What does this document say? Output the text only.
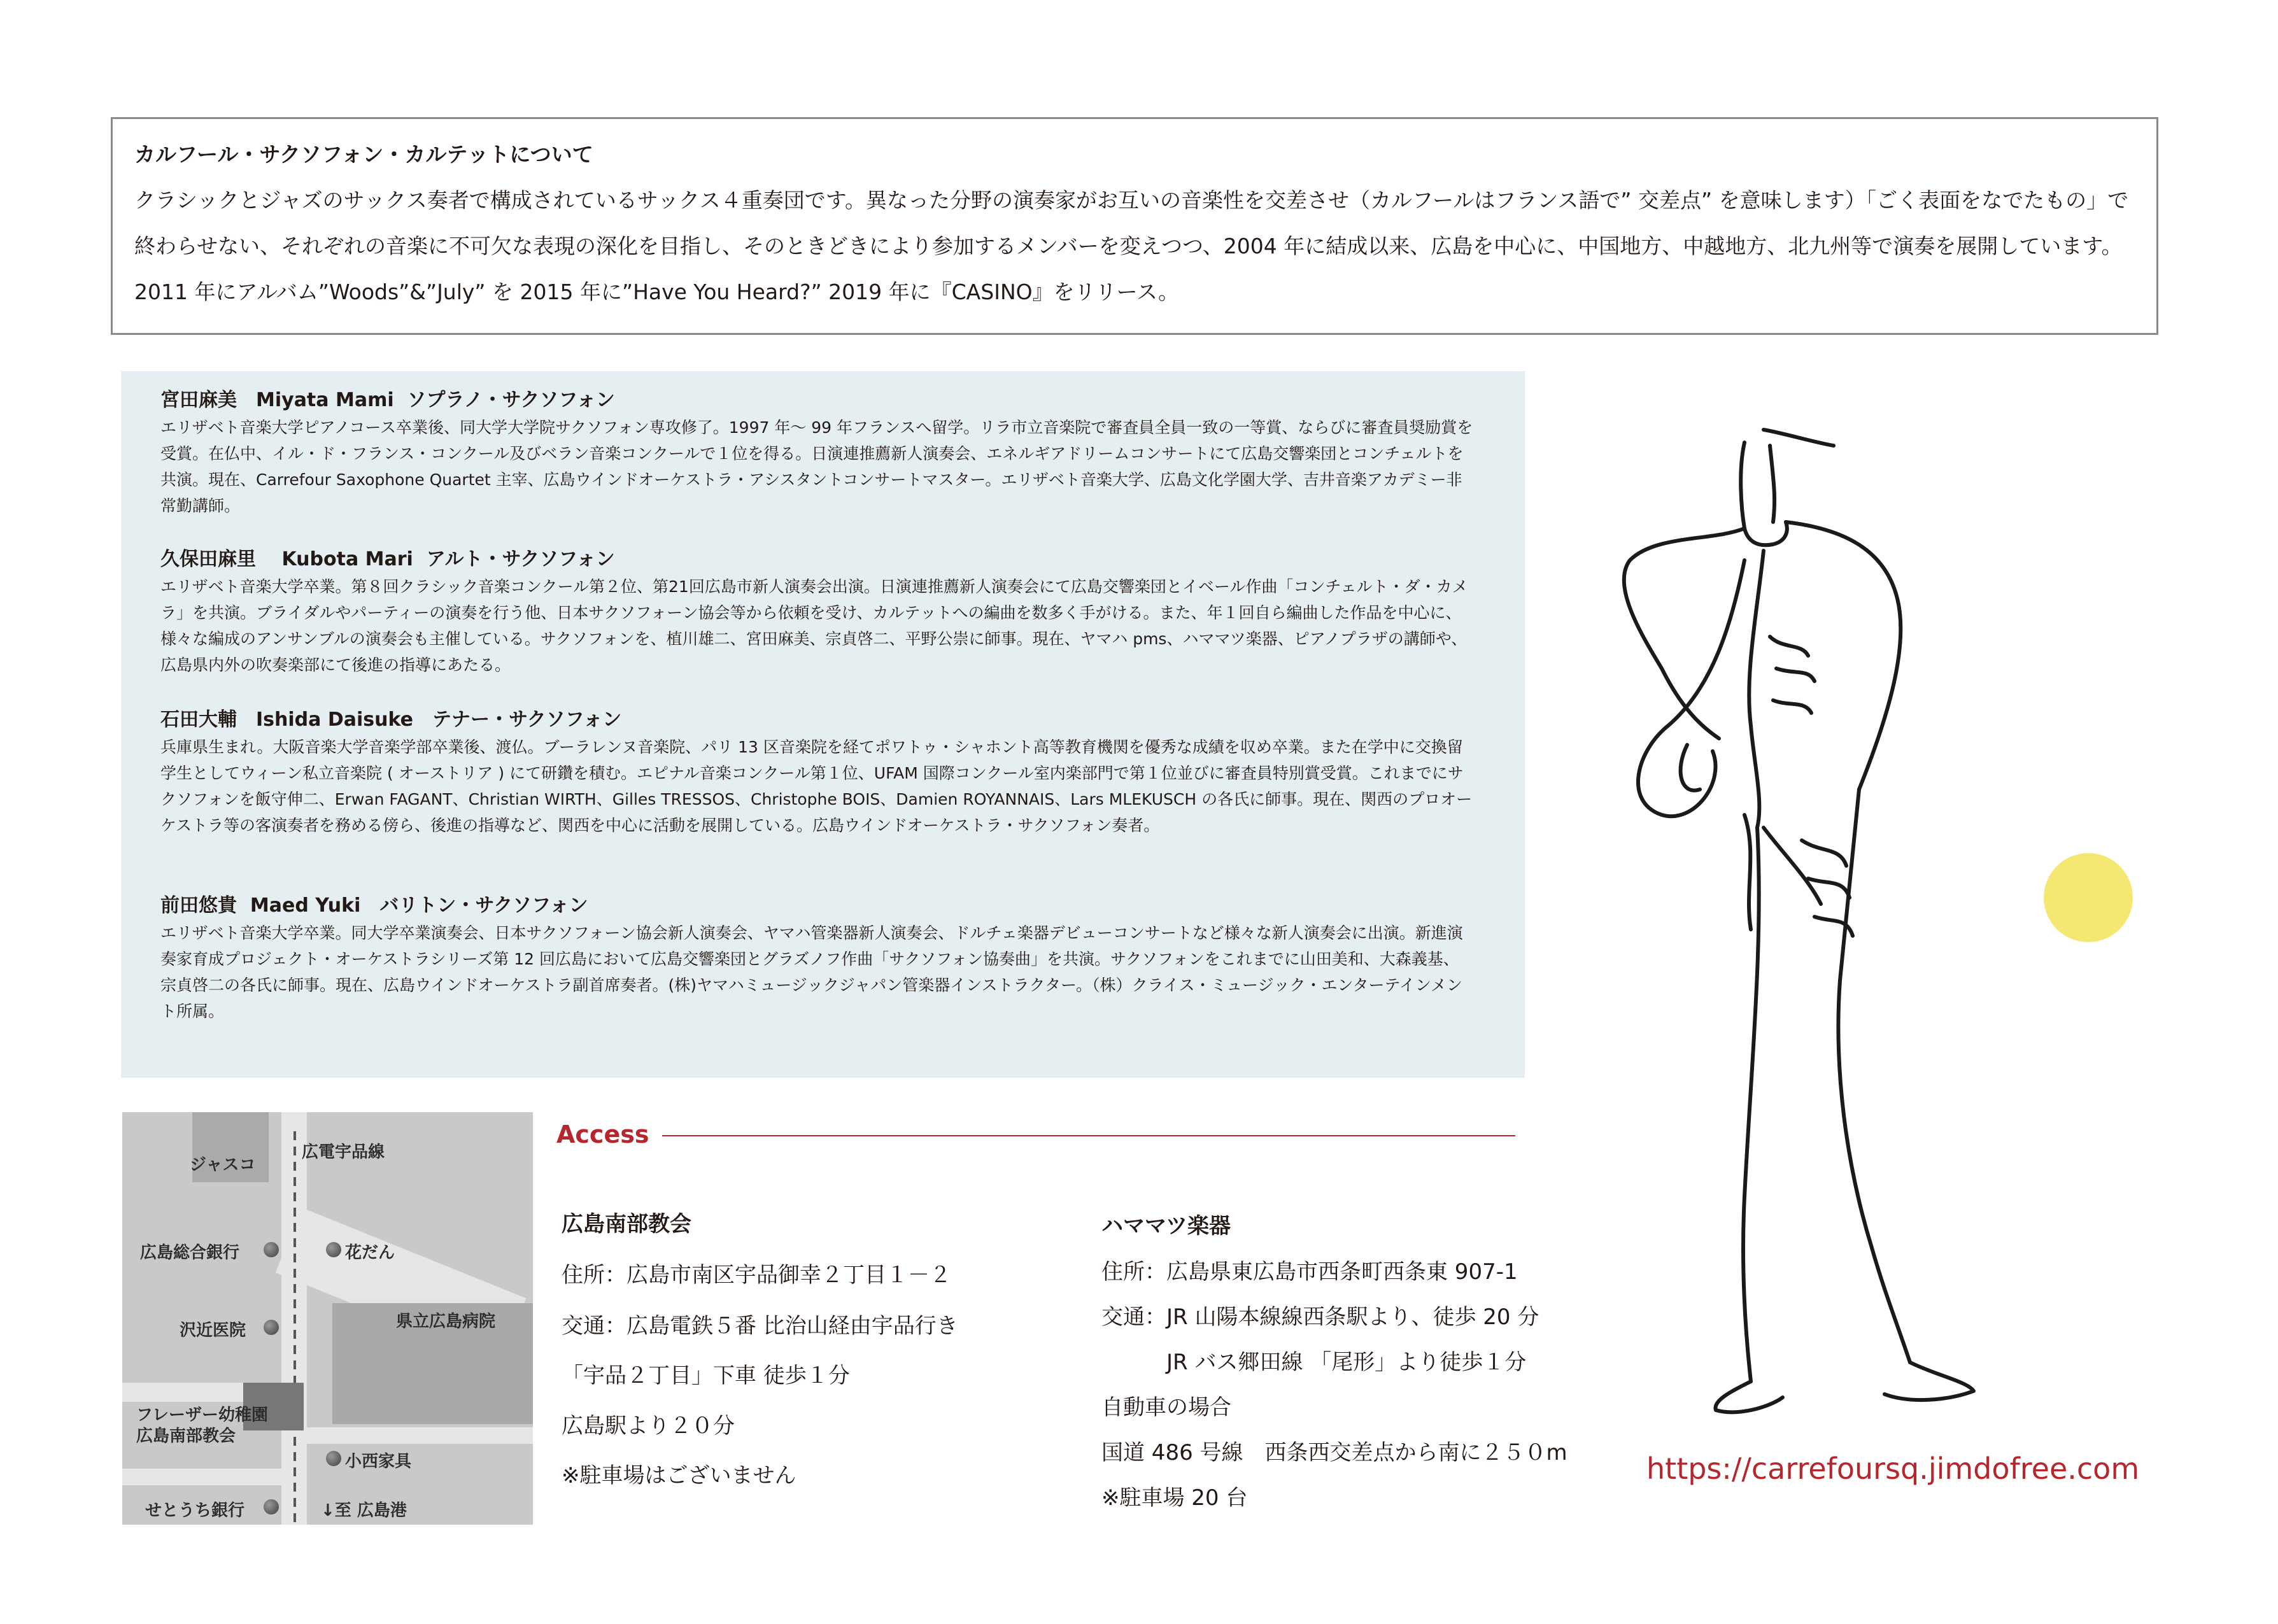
カルフール・サクソフォン・カルテットについて
クラシックとジャズのサックス奏者で構成されているサックス４重奏団です。異なった分野の演奏家がお互いの音楽性を交差させ（カルフールはフランス語で” 交差点” を意味します）「ごく表面をなでたもの」で終わらせない、それぞれの音楽に不可欠な表現の深化を目指し、そのときどきにより参加するメンバーを変えつつ、2004 年に結成以来、広島を中心に、中国地方、中越地方、北九州等で演奏を展開しています。2011 年にアルバム”Woods”&”July” を 2015 年に”Have You Heard?” 2019 年に『CASINO』をリリース。
宮田麻美　Miyata Mami  ソプラノ・サクソフォン
エリザベト音楽大学ピアノコース卒業後、同大学大学院サクソフォン専攻修了。1997 年〜 99 年フランスへ留学。リラ市立音楽院で審査員全員一致の一等賞、ならびに審査員奨励賞を受賞。在仏中、イル・ド・フランス・コンクール及びベラン音楽コンクールで１位を得る。日演連推薦新人演奏会、エネルギアドリームコンサートにて広島交響楽団とコンチェルトを共演。現在、Carrefour Saxophone Quartet 主宰、広島ウインドオーケストラ・アシスタントコンサートマスター。エリザベト音楽大学、広島文化学園大学、吉井音楽アカデミー非常勤講師。
久保田麻里　 Kubota Mari  アルト・サクソフォン
エリザベト音楽大学卒業。第８回クラシック音楽コンクール第２位、第21回広島市新人演奏会出演。日演連推薦新人演奏会にて広島交響楽団とイベール作曲「コンチェルト・ダ・カメラ」を共演。ブライダルやパーティーの演奏を行う他、日本サクソフォーン協会等から依頼を受け、カルテットへの編曲を数多く手がける。また、年１回自ら編曲した作品を中心に、様々な編成のアンサンブルの演奏会も主催している。サクソフォンを、植川雄二、宮田麻美、宗貞啓二、平野公崇に師事。現在、ヤマハ pms、ハママツ楽器、ピアノプラザの講師や、広島県内外の吹奏楽部にて後進の指導にあたる。
石田大輔　Ishida Daisuke　テナー・サクソフォン
兵庫県生まれ。大阪音楽大学音楽学部卒業後、渡仏。ブーラレンヌ音楽院、パリ 13 区音楽院を経てポワトゥ・シャホント高等教育機関を優秀な成績を収め卒業。また在学中に交換留学生としてウィーン私立音楽院 ( オーストリア ) にて研鑽を積む。エピナル音楽コンクール第１位、UFAM 国際コンクール室内楽部門で第１位並びに審査員特別賞受賞。これまでにサクソフォンを飯守伸二、Erwan FAGANT、Christian WIRTH、Gilles TRESSOS、Christophe BOIS、Damien ROYANNAIS、Lars MLEKUSCH の各氏に師事。現在、関西のプロオーケストラ等の客演奏者を務める傍ら、後進の指導など、関西を中心に活動を展開している。広島ウインドオーケストラ・サクソフォン奏者。
前田悠貴  Maed Yuki　バリトン・サクソフォン
エリザベト音楽大学卒業。同大学卒業演奏会、日本サクソフォーン協会新人演奏会、ヤマハ管楽器新人演奏会、ドルチェ楽器デビューコンサートなど様々な新人演奏会に出演。新進演奏家育成プロジェクト・オーケストラシリーズ第 12 回広島において広島交響楽団とグラズノフ作曲「サクソフォン協奏曲」を共演。サクソフォンをこれまでに山田美和、大森義基、宗貞啓二の各氏に師事。現在、広島ウインドオーケストラ副首席奏者。(株)ヤマハミュージックジャパン管楽器インストラクター。（株）クライス・ミュージック・エンターテインメント所属。
ジャスコ
広電宇品線
広島総合銀行	花だん
沢近医院	県立広島病院
フレーザー幼稚園
広島南部教会
小西家具
せとうち銀行	↓至 広島港
Access
広島南部教会
住所：広島市南区宇品御幸２丁目１－２
交通：広島電鉄５番 比治山経由宇品行き
「宇品２丁目」下車 徒歩１分
広島駅より２０分
※駐車場はございません
ハママツ楽器
住所：広島県東広島市西条町西条東 907-1
交通：JR 山陽本線線西条駅より、徒歩 20 分
　　　JR バス郷田線 「尾形」より徒歩１分
自動車の場合
国道 486 号線　西条西交差点から南に２５０m
※駐車場 20 台
https://carrefoursq.jimdofree.com
